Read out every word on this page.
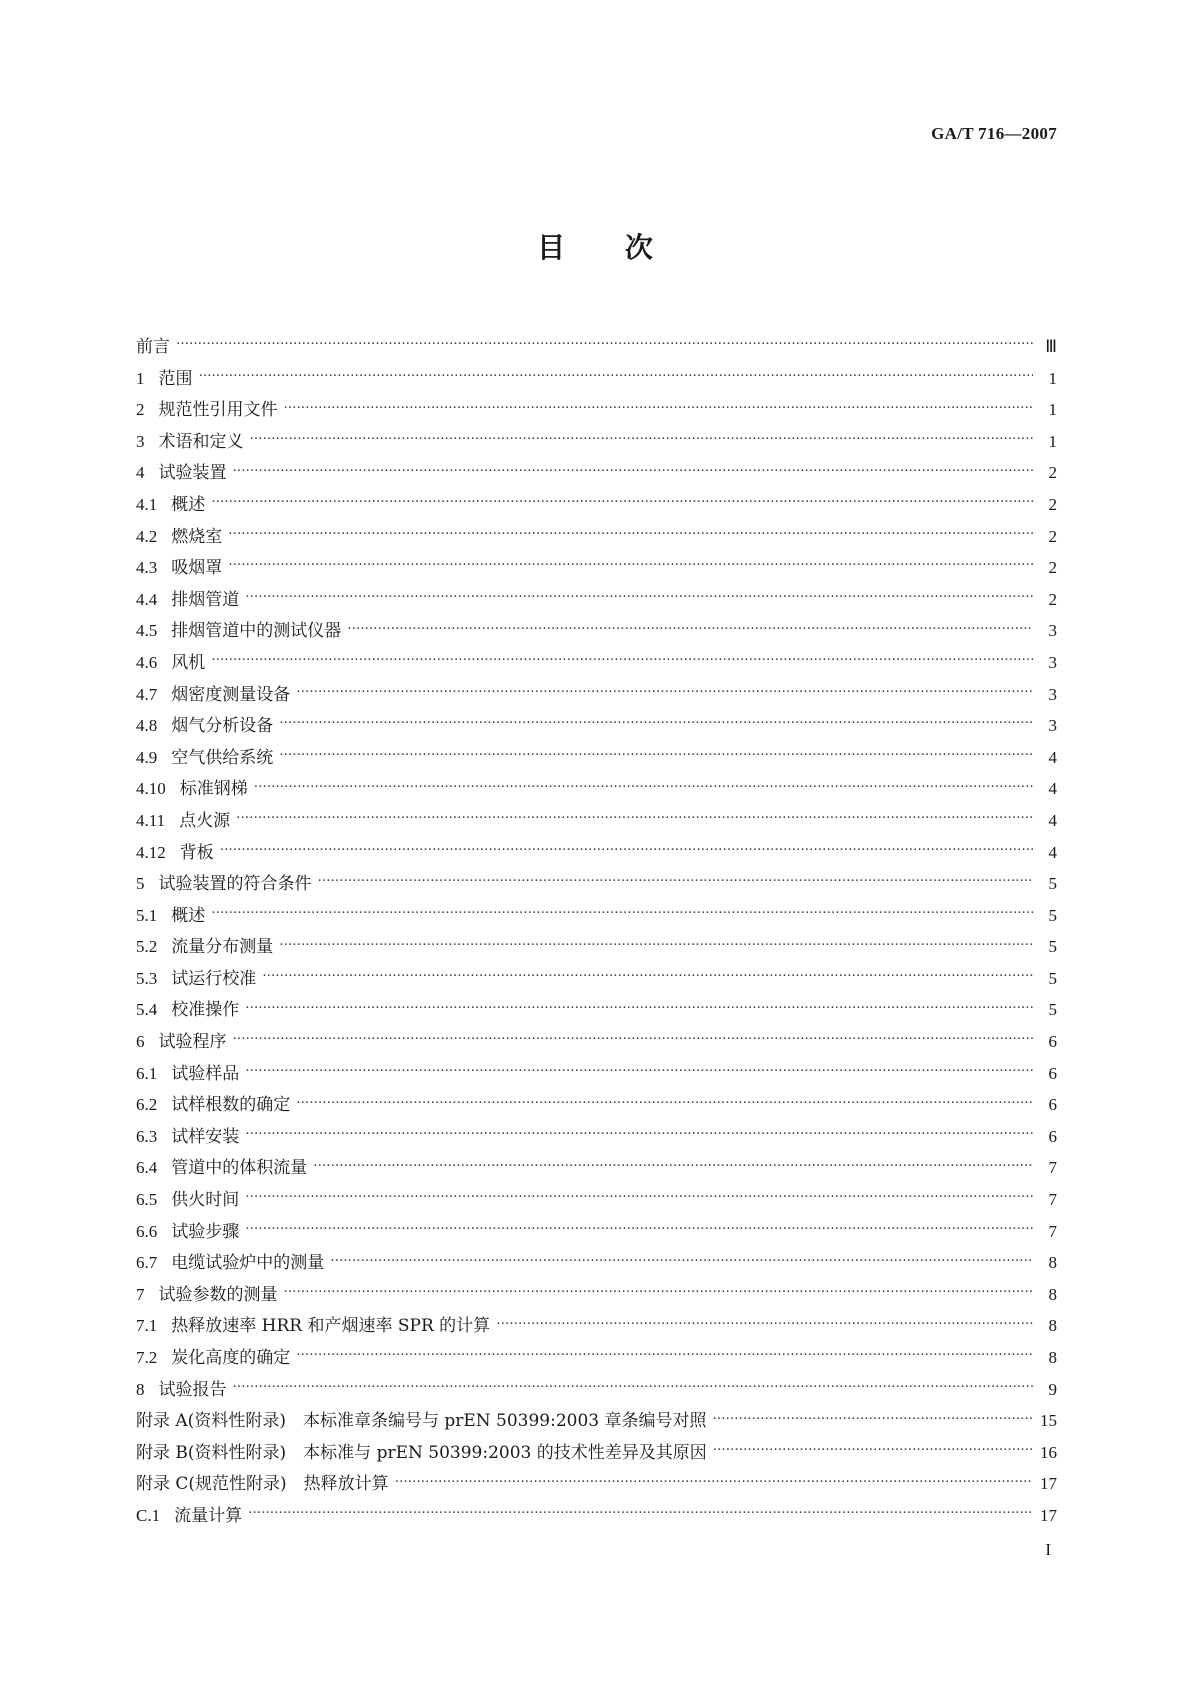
GA/T 716—2007
目 次
前言 …………………………………………………………………………………………………………………………………………………………………………………………………………………………………………	Ⅲ
1 范围 …………………………………………………………………………………………………………………………………………………………………………………………………………………………………………	1
2 规范性引用文件 …………………………………………………………………………………………………………………………………………………………………………………………………………………………………………	1
3 术语和定义 …………………………………………………………………………………………………………………………………………………………………………………………………………………………………………	1
4 试验装置 …………………………………………………………………………………………………………………………………………………………………………………………………………………………………………	2
4.1 概述 …………………………………………………………………………………………………………………………………………………………………………………………………………………………………………	2
4.2 燃烧室 …………………………………………………………………………………………………………………………………………………………………………………………………………………………………………	2
4.3 吸烟罩 …………………………………………………………………………………………………………………………………………………………………………………………………………………………………………	2
4.4 排烟管道 …………………………………………………………………………………………………………………………………………………………………………………………………………………………………………	2
4.5 排烟管道中的测试仪器 …………………………………………………………………………………………………………………………………………………………………………………………………………………………………………	3
4.6 风机 …………………………………………………………………………………………………………………………………………………………………………………………………………………………………………	3
4.7 烟密度测量设备 …………………………………………………………………………………………………………………………………………………………………………………………………………………………………………	3
4.8 烟气分析设备 …………………………………………………………………………………………………………………………………………………………………………………………………………………………………………	3
4.9 空气供给系统 …………………………………………………………………………………………………………………………………………………………………………………………………………………………………………	4
4.10 标准钢梯 …………………………………………………………………………………………………………………………………………………………………………………………………………………………………………	4
4.11 点火源 …………………………………………………………………………………………………………………………………………………………………………………………………………………………………………	4
4.12 背板 …………………………………………………………………………………………………………………………………………………………………………………………………………………………………………	4
5 试验装置的符合条件 …………………………………………………………………………………………………………………………………………………………………………………………………………………………………………	5
5.1 概述 …………………………………………………………………………………………………………………………………………………………………………………………………………………………………………	5
5.2 流量分布测量 …………………………………………………………………………………………………………………………………………………………………………………………………………………………………………	5
5.3 试运行校准 …………………………………………………………………………………………………………………………………………………………………………………………………………………………………………	5
5.4 校准操作 …………………………………………………………………………………………………………………………………………………………………………………………………………………………………………	5
6 试验程序 …………………………………………………………………………………………………………………………………………………………………………………………………………………………………………	6
6.1 试验样品 …………………………………………………………………………………………………………………………………………………………………………………………………………………………………………	6
6.2 试样根数的确定 …………………………………………………………………………………………………………………………………………………………………………………………………………………………………………	6
6.3 试样安装 …………………………………………………………………………………………………………………………………………………………………………………………………………………………………………	6
6.4 管道中的体积流量 …………………………………………………………………………………………………………………………………………………………………………………………………………………………………………	7
6.5 供火时间 …………………………………………………………………………………………………………………………………………………………………………………………………………………………………………	7
6.6 试验步骤 …………………………………………………………………………………………………………………………………………………………………………………………………………………………………………	7
6.7 电缆试验炉中的测量 …………………………………………………………………………………………………………………………………………………………………………………………………………………………………………	8
7 试验参数的测量 …………………………………………………………………………………………………………………………………………………………………………………………………………………………………………	8
7.1 热释放速率 HRR 和产烟速率 SPR 的计算 …………………………………………………………………………………………………………………………………………………………………………………………………………………………………………	8
7.2 炭化高度的确定 …………………………………………………………………………………………………………………………………………………………………………………………………………………………………………	8
8 试验报告 …………………………………………………………………………………………………………………………………………………………………………………………………………………………………………	9
附录 A(资料性附录)　本标准章条编号与 prEN 50399:2003 章条编号对照 …………………………………………………………………………………………………………………………………………………………………………………………………………………………………………	15
附录 B(资料性附录)　本标准与 prEN 50399:2003 的技术性差异及其原因 …………………………………………………………………………………………………………………………………………………………………………………………………………………………………………	16
附录 C(规范性附录)　热释放计算 …………………………………………………………………………………………………………………………………………………………………………………………………………………………………………	17
C.1 流量计算 …………………………………………………………………………………………………………………………………………………………………………………………………………………………………………	17
I
